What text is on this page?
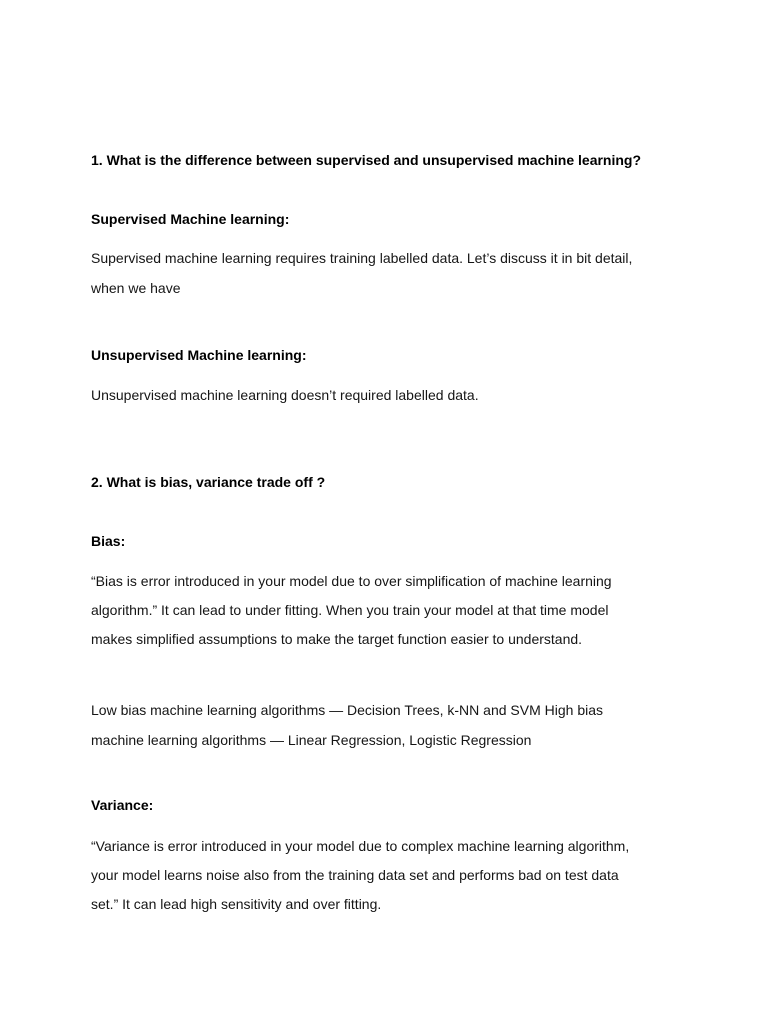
1. What is the difference between supervised and unsupervised machine learning?

Supervised Machine learning:

Supervised machine learning requires training labelled data. Let’s discuss it in bit detail,

when we have

Unsupervised Machine learning:

Unsupervised machine learning doesn’t required labelled data.

2. What is bias, variance trade off ?

Bias:

“Bias is error introduced in your model due to over simplification of machine learning

algorithm.” It can lead to under fitting. When you train your model at that time model

makes simplified assumptions to make the target function easier to understand.

Low bias machine learning algorithms — Decision Trees, k-NN and SVM High bias

machine learning algorithms — Linear Regression, Logistic Regression

Variance:

“Variance is error introduced in your model due to complex machine learning algorithm,

your model learns noise also from the training data set and performs bad on test data

set.” It can lead high sensitivity and over fitting.
